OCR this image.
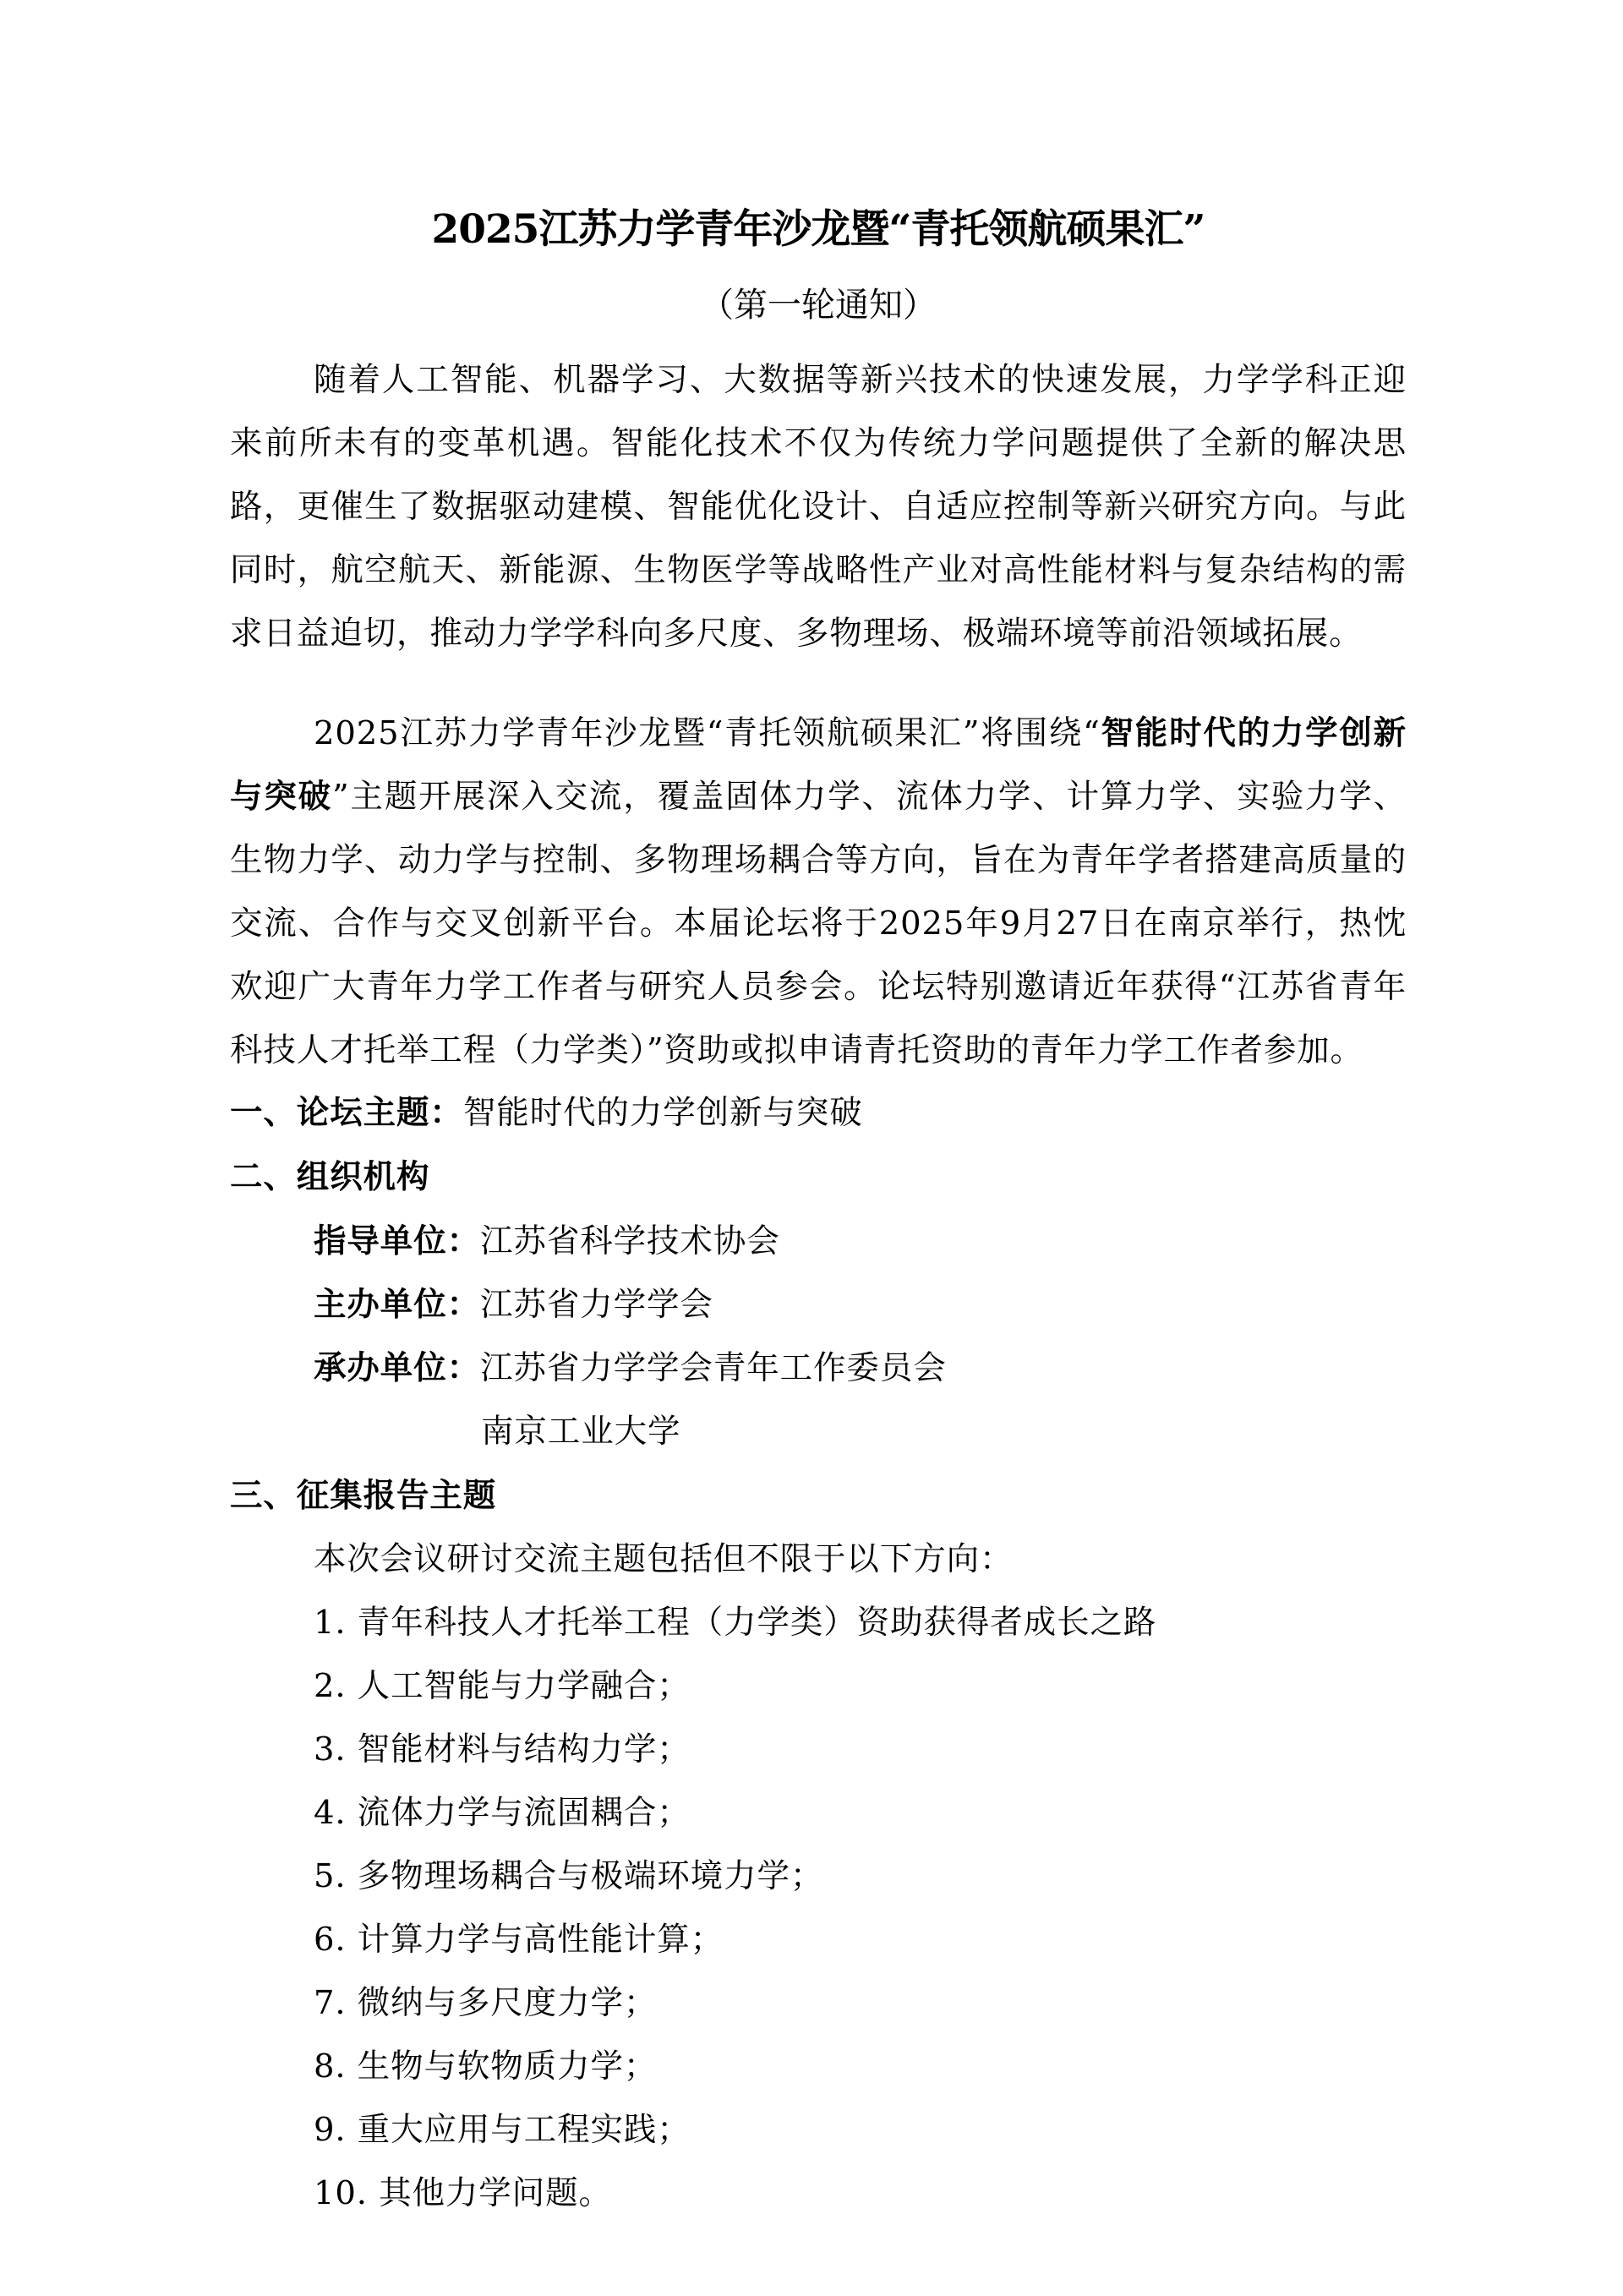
2025江苏力学青年沙龙暨“青托领航硕果汇”
（第一轮通知）

随着人工智能、机器学习、大数据等新兴技术的快速发展，力学学科正迎来前所未有的变革机遇。智能化技术不仅为传统力学问题提供了全新的解决思路，更催生了数据驱动建模、智能优化设计、自适应控制等新兴研究方向。与此同时，航空航天、新能源、生物医学等战略性产业对高性能材料与复杂结构的需求日益迫切，推动力学学科向多尺度、多物理场、极端环境等前沿领域拓展。

2025江苏力学青年沙龙暨“青托领航硕果汇”将围绕“智能时代的力学创新与突破”主题开展深入交流，覆盖固体力学、流体力学、计算力学、实验力学、生物力学、动力学与控制、多物理场耦合等方向，旨在为青年学者搭建高质量的交流、合作与交叉创新平台。本届论坛将于2025年9月27日在南京举行，热忱欢迎广大青年力学工作者与研究人员参会。论坛特别邀请近年获得“江苏省青年科技人才托举工程（力学类）”资助或拟申请青托资助的青年力学工作者参加。

一、论坛主题：智能时代的力学创新与突破
二、组织机构
指导单位：江苏省科学技术协会
主办单位：江苏省力学学会
承办单位：江苏省力学学会青年工作委员会
南京工业大学
三、征集报告主题
本次会议研讨交流主题包括但不限于以下方向：
1. 青年科技人才托举工程（力学类）资助获得者成长之路
2. 人工智能与力学融合；
3. 智能材料与结构力学；
4. 流体力学与流固耦合；
5. 多物理场耦合与极端环境力学；
6. 计算力学与高性能计算；
7. 微纳与多尺度力学；
8. 生物与软物质力学；
9. 重大应用与工程实践；
10. 其他力学问题。
